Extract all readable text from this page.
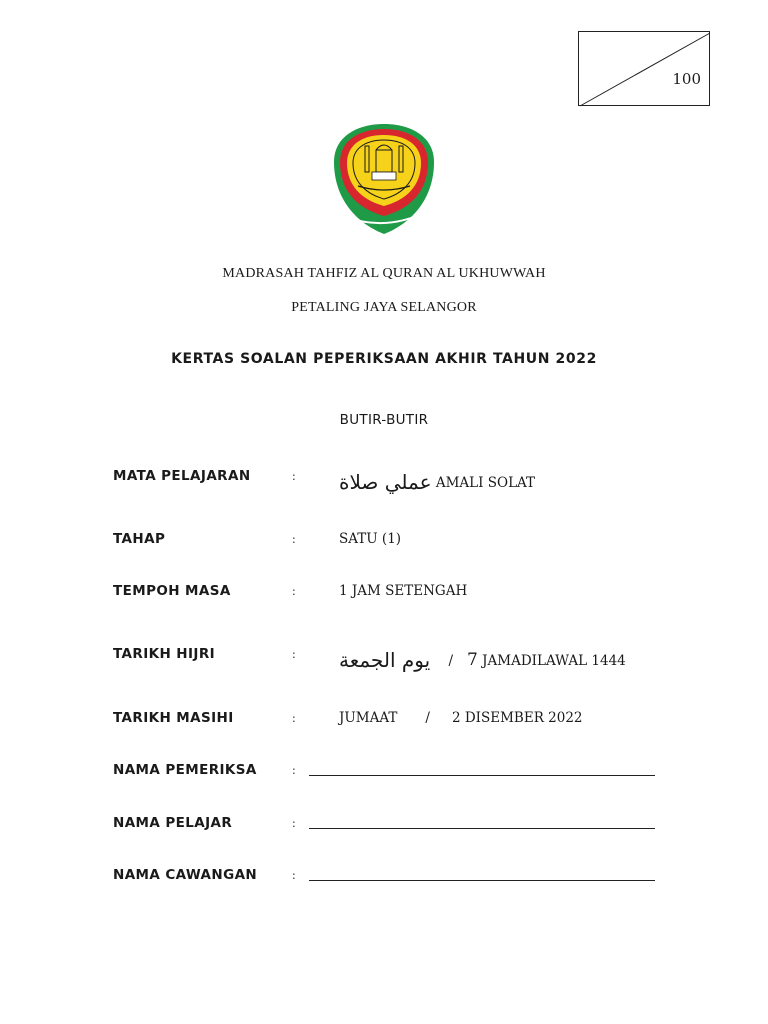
100
MADRASAH TAHFIZ AL QURAN AL UKHUWWAH
PETALING JAYA SELANGOR
KERTAS SOALAN PEPERIKSAAN AKHIR TAHUN 2022
BUTIR-BUTIR
MATA PELAJARAN	: عملي صلاة AMALI SOLAT
TAHAP	:	SATU (1)
TEMPOH MASA	:	1 JAM SETENGAH
TARIKH HIJRI	: يوم الجمعة / 7 JAMADILAWAL 1444
TARIKH MASIHI	:	JUMAAT / 2 DISEMBER 2022
NAMA PEMERIKSA	:
NAMA PELAJAR	:
NAMA CAWANGAN	:
